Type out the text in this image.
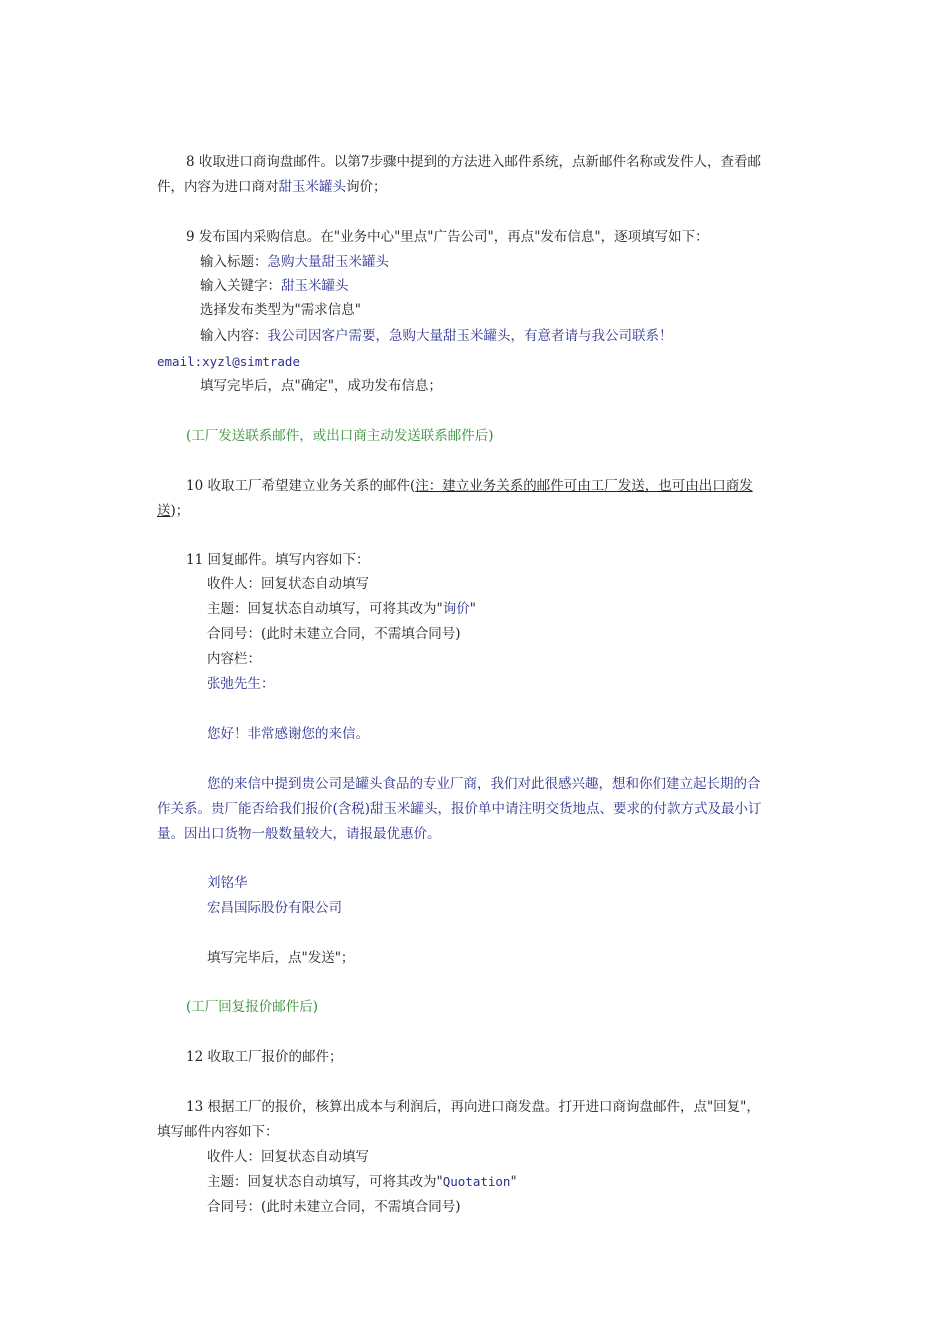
8 收取进口商询盘邮件。以第7步骤中提到的方法进入邮件系统，点新邮件名称或发件人，查看邮
件，内容为进口商对甜玉米罐头询价；
9 发布国内采购信息。在"业务中心"里点"广告公司"，再点"发布信息"，逐项填写如下：
输入标题：急购大量甜玉米罐头
输入关键字：甜玉米罐头
选择发布类型为"需求信息"
输入内容：我公司因客户需要，急购大量甜玉米罐头，有意者请与我公司联系！
email:xyzl@simtrade
填写完毕后，点"确定"，成功发布信息；
(工厂发送联系邮件，或出口商主动发送联系邮件后)
10 收取工厂希望建立业务关系的邮件(注：建立业务关系的邮件可由工厂发送，也可由出口商发
送)；
11 回复邮件。填写内容如下：
收件人：回复状态自动填写
主题：回复状态自动填写，可将其改为"询价"
合同号：(此时未建立合同，不需填合同号)
内容栏：
张弛先生：
您好！非常感谢您的来信。
您的来信中提到贵公司是罐头食品的专业厂商，我们对此很感兴趣，想和你们建立起长期的合
作关系。贵厂能否给我们报价(含税)甜玉米罐头，报价单中请注明交货地点、要求的付款方式及最小订
量。因出口货物一般数量较大，请报最优惠价。
刘铭华
宏昌国际股份有限公司
填写完毕后，点"发送"；
(工厂回复报价邮件后)
12 收取工厂报价的邮件；
13 根据工厂的报价，核算出成本与利润后，再向进口商发盘。打开进口商询盘邮件，点"回复"，
填写邮件内容如下：
收件人：回复状态自动填写
主题：回复状态自动填写，可将其改为"Quotation"
合同号：(此时未建立合同，不需填合同号)
